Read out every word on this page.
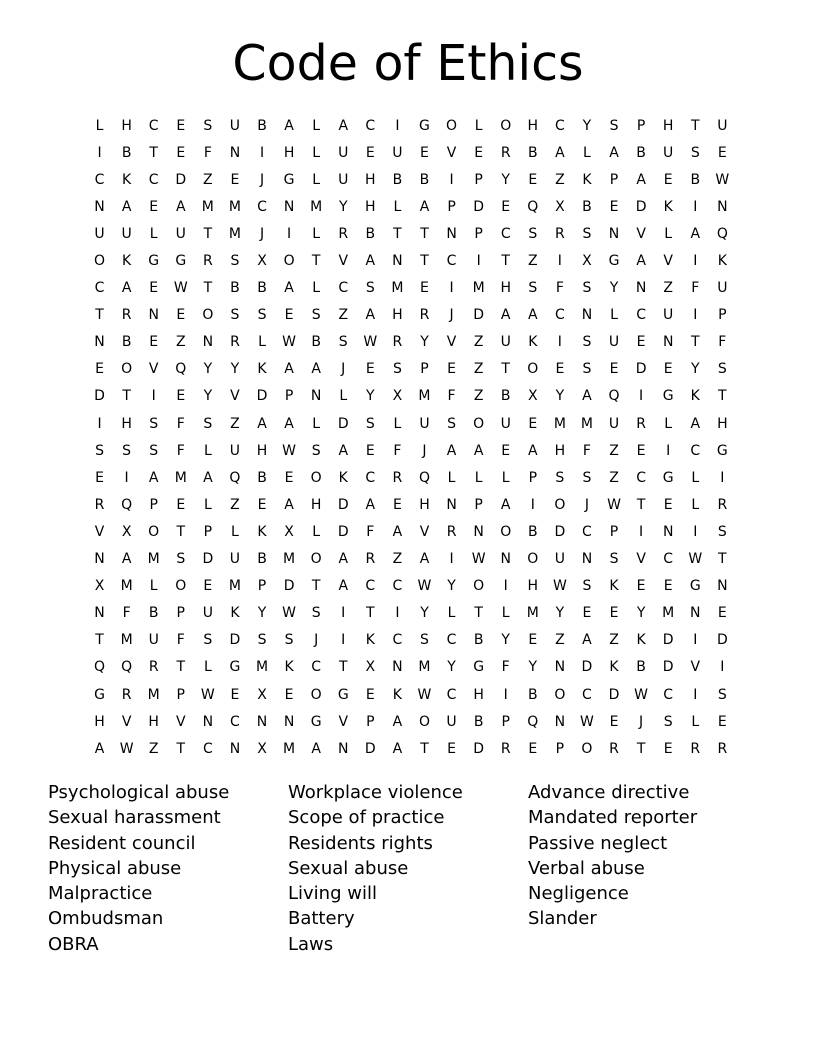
Code of Ethics
L	H	C	E	S	U	B	A	L	A	C	I	G	O	L	O	H	C	Y	S	P	H	T	U
I	B	T	E	F	N	I	H	L	U	E	U	E	V	E	R	B	A	L	A	B	U	S	E
C	K	C	D	Z	E	J	G	L	U	H	B	B	I	P	Y	E	Z	K	P	A	E	B	W
N	A	E	A	M	M	C	N	M	Y	H	L	A	P	D	E	Q	X	B	E	D	K	I	N
U	U	L	U	T	M	J	I	L	R	B	T	T	N	P	C	S	R	S	N	V	L	A	Q
O	K	G	G	R	S	X	O	T	V	A	N	T	C	I	T	Z	I	X	G	A	V	I	K
C	A	E	W	T	B	B	A	L	C	S	M	E	I	M	H	S	F	S	Y	N	Z	F	U
T	R	N	E	O	S	S	E	S	Z	A	H	R	J	D	A	A	C	N	L	C	U	I	P
N	B	E	Z	N	R	L	W	B	S	W	R	Y	V	Z	U	K	I	S	U	E	N	T	F
E	O	V	Q	Y	Y	K	A	A	J	E	S	P	E	Z	T	O	E	S	E	D	E	Y	S
D	T	I	E	Y	V	D	P	N	L	Y	X	M	F	Z	B	X	Y	A	Q	I	G	K	T
I	H	S	F	S	Z	A	A	L	D	S	L	U	S	O	U	E	M	M	U	R	L	A	H
S	S	S	F	L	U	H	W	S	A	E	F	J	A	A	E	A	H	F	Z	E	I	C	G
E	I	A	M	A	Q	B	E	O	K	C	R	Q	L	L	L	P	S	S	Z	C	G	L	I
R	Q	P	E	L	Z	E	A	H	D	A	E	H	N	P	A	I	O	J	W	T	E	L	R
V	X	O	T	P	L	K	X	L	D	F	A	V	R	N	O	B	D	C	P	I	N	I	S
N	A	M	S	D	U	B	M	O	A	R	Z	A	I	W	N	O	U	N	S	V	C	W	T
X	M	L	O	E	M	P	D	T	A	C	C	W	Y	O	I	H	W	S	K	E	E	G	N
N	F	B	P	U	K	Y	W	S	I	T	I	Y	L	T	L	M	Y	E	E	Y	M	N	E
T	M	U	F	S	D	S	S	J	I	K	C	S	C	B	Y	E	Z	A	Z	K	D	I	D
Q	Q	R	T	L	G	M	K	C	T	X	N	M	Y	G	F	Y	N	D	K	B	D	V	I
G	R	M	P	W	E	X	E	O	G	E	K	W	C	H	I	B	O	C	D	W	C	I	S
H	V	H	V	N	C	N	N	G	V	P	A	O	U	B	P	Q	N	W	E	J	S	L	E
A	W	Z	T	C	N	X	M	A	N	D	A	T	E	D	R	E	P	O	R	T	E	R	R
Psychological abuse
Sexual harassment
Resident council
Physical abuse
Malpractice
Ombudsman
OBRA
Workplace violence
Scope of practice
Residents rights
Sexual abuse
Living will
Battery
Laws
Advance directive
Mandated reporter
Passive neglect
Verbal abuse
Negligence
Slander
